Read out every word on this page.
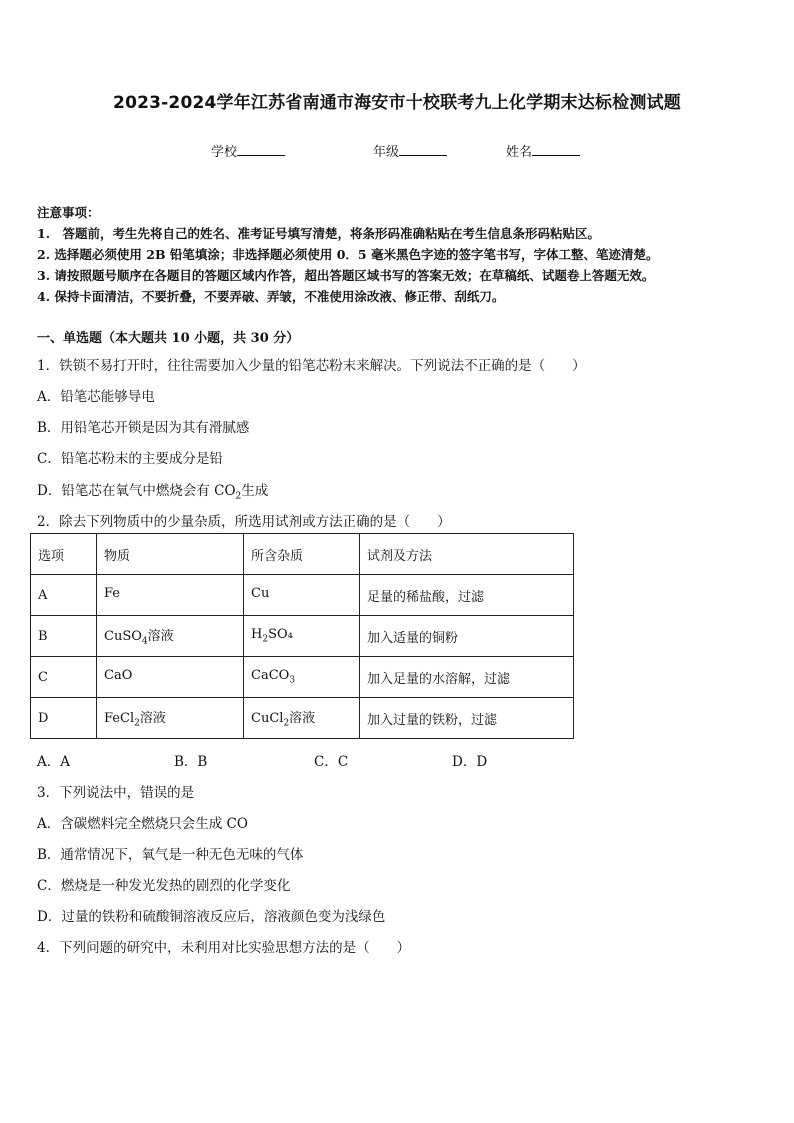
2023-2024学年江苏省南通市海安市十校联考九上化学期末达标检测试题
学校	年级	姓名
注意事项：
1.　答题前，考生先将自己的姓名、准考证号填写清楚，将条形码准确粘贴在考生信息条形码粘贴区。
2. 选择题必须使用 2B 铅笔填涂；非选择题必须使用 0．5 毫米黑色字迹的签字笔书写，字体工整、笔迹清楚。
3. 请按照题号顺序在各题目的答题区域内作答，超出答题区域书写的答案无效；在草稿纸、试题卷上答题无效。
4. 保持卡面清洁，不要折叠，不要弄破、弄皱，不准使用涂改液、修正带、刮纸刀。
一、单选题（本大题共 10 小题，共 30 分）
1．铁锁不易打开时，往往需要加入少量的铅笔芯粉末来解决。下列说法不正确的是（　　）
A．铅笔芯能够导电
B．用铅笔芯开锁是因为其有滑腻感
C．铅笔芯粉末的主要成分是铅
D．铅笔芯在氧气中燃烧会有 $CO_2$生成
2．除去下列物质中的少量杂质，所选用试剂或方法正确的是（　　）
选项	物质	所含杂质	试剂及方法
A	Fe	Cu	足量的稀盐酸，过滤
B	CuSO$_4$溶液	$H_2SO_4$	加入适量的铜粉
C	CaO	CaCO$_3$	加入足量的水溶解，过滤
D	FeCl$_2$溶液	CuCl$_2$溶液	加入过量的铁粉，过滤
A．A	B．B	C．C	D．D
3．下列说法中，错误的是
A．含碳燃料完全燃烧只会生成 CO
B．通常情况下，氧气是一种无色无味的气体
C．燃烧是一种发光发热的剧烈的化学变化
D．过量的铁粉和硫酸铜溶液反应后，溶液颜色变为浅绿色
4．下列问题的研究中，未利用对比实验思想方法的是（　　）
